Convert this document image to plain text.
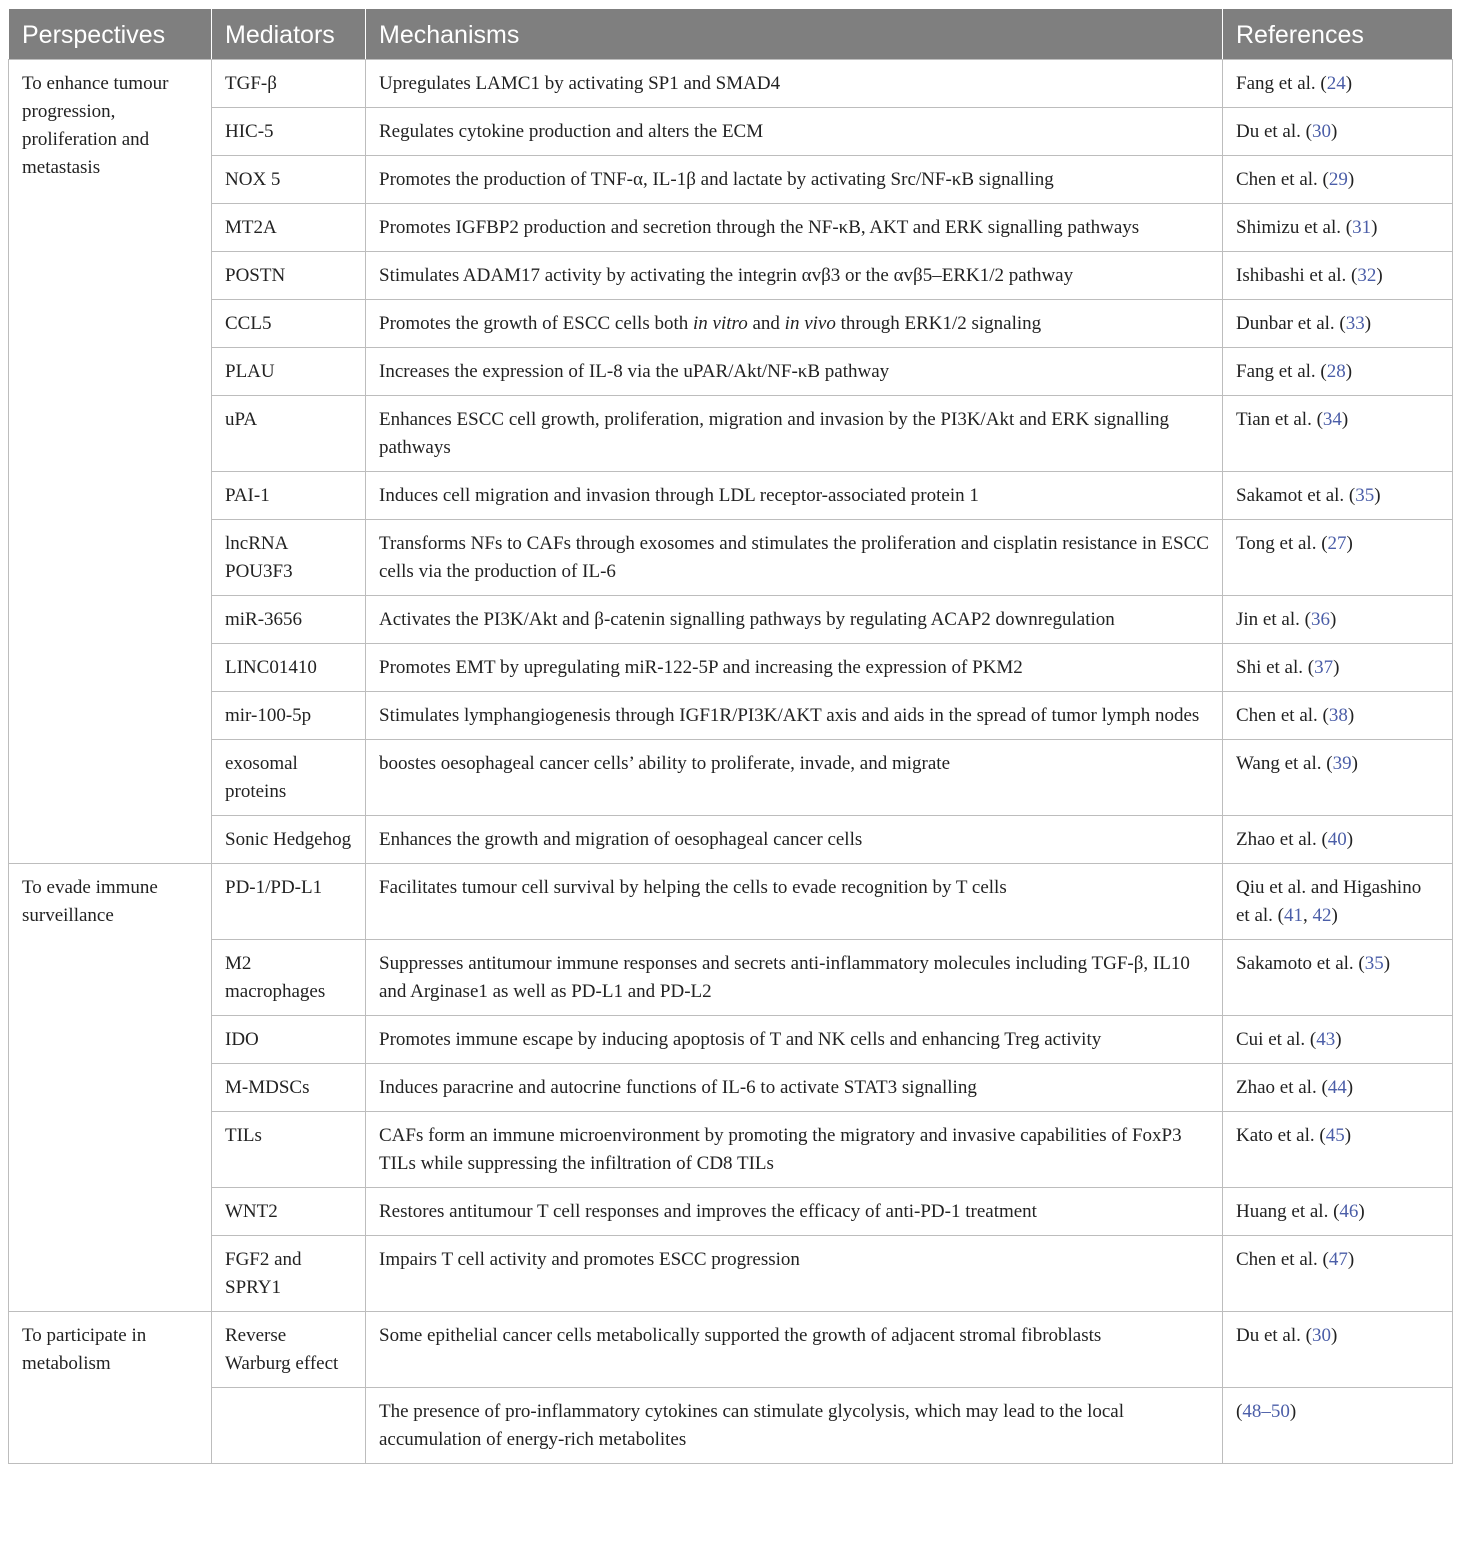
Perspectives	Mediators	Mechanisms	References
To enhance tumour progression, proliferation and metastasis	TGF-β	Upregulates LAMC1 by activating SP1 and SMAD4	Fang et al. (24)
	HIC-5	Regulates cytokine production and alters the ECM	Du et al. (30)
	NOX 5	Promotes the production of TNF-α, IL-1β and lactate by activating Src/NF-κB signalling	Chen et al. (29)
	MT2A	Promotes IGFBP2 production and secretion through the NF-κB, AKT and ERK signalling pathways	Shimizu et al. (31)
	POSTN	Stimulates ADAM17 activity by activating the integrin αvβ3 or the αvβ5–ERK1/2 pathway	Ishibashi et al. (32)
	CCL5	Promotes the growth of ESCC cells both in vitro and in vivo through ERK1/2 signaling	Dunbar et al. (33)
	PLAU	Increases the expression of IL-8 via the uPAR/Akt/NF-κB pathway	Fang et al. (28)
	uPA	Enhances ESCC cell growth, proliferation, migration and invasion by the PI3K/Akt and ERK signalling pathways	Tian et al. (34)
	PAI-1	Induces cell migration and invasion through LDL receptor-associated protein 1	Sakamot et al. (35)
	lncRNA POU3F3	Transforms NFs to CAFs through exosomes and stimulates the proliferation and cisplatin resistance in ESCC cells via the production of IL-6	Tong et al. (27)
	miR-3656	Activates the PI3K/Akt and β-catenin signalling pathways by regulating ACAP2 downregulation	Jin et al. (36)
	LINC01410	Promotes EMT by upregulating miR-122-5P and increasing the expression of PKM2	Shi et al. (37)
	mir-100-5p	Stimulates lymphangiogenesis through IGF1R/PI3K/AKT axis and aids in the spread of tumor lymph nodes	Chen et al. (38)
	exosomal proteins	boostes oesophageal cancer cells’ ability to proliferate, invade, and migrate	Wang et al. (39)
	Sonic Hedgehog	Enhances the growth and migration of oesophageal cancer cells	Zhao et al. (40)
To evade immune surveillance	PD-1/PD-L1	Facilitates tumour cell survival by helping the cells to evade recognition by T cells	Qiu et al. and Higashino et al. (41, 42)
	M2 macrophages	Suppresses antitumour immune responses and secrets anti-inflammatory molecules including TGF-β, IL10 and Arginase1 as well as PD-L1 and PD-L2	Sakamoto et al. (35)
	IDO	Promotes immune escape by inducing apoptosis of T and NK cells and enhancing Treg activity	Cui et al. (43)
	M-MDSCs	Induces paracrine and autocrine functions of IL-6 to activate STAT3 signalling	Zhao et al. (44)
	TILs	CAFs form an immune microenvironment by promoting the migratory and invasive capabilities of FoxP3 TILs while suppressing the infiltration of CD8 TILs	Kato et al. (45)
	WNT2	Restores antitumour T cell responses and improves the efficacy of anti-PD-1 treatment	Huang et al. (46)
	FGF2 and SPRY1	Impairs T cell activity and promotes ESCC progression	Chen et al. (47)
To participate in metabolism	Reverse Warburg effect	Some epithelial cancer cells metabolically supported the growth of adjacent stromal fibroblasts	Du et al. (30)
		The presence of pro-inflammatory cytokines can stimulate glycolysis, which may lead to the local accumulation of energy-rich metabolites	(48–50)
